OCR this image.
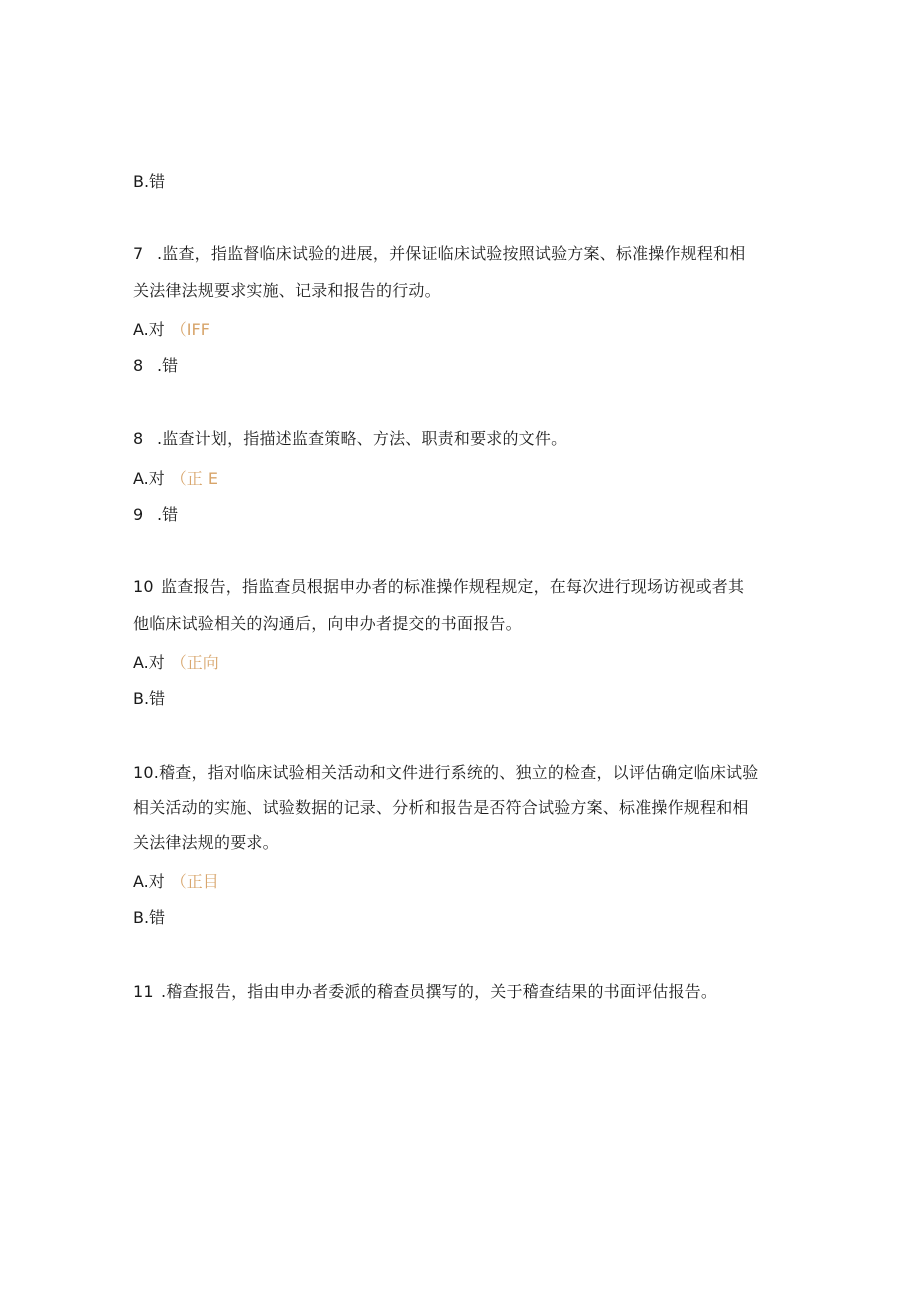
B.错
7 .监查，指监督临床试验的进展，并保证临床试验按照试验方案、标准操作规程和相
关法律法规要求实施、记录和报告的行动。
A.对 （IFF
8 .错
8 .监查计划，指描述监查策略、方法、职责和要求的文件。
A.对 （正 E
9 .错
10 监查报告，指监查员根据申办者的标准操作规程规定，在每次进行现场访视或者其
他临床试验相关的沟通后，向申办者提交的书面报告。
A.对 （正向
B.错
10.稽查，指对临床试验相关活动和文件进行系统的、独立的检查，以评估确定临床试验
相关活动的实施、试验数据的记录、分析和报告是否符合试验方案、标准操作规程和相
关法律法规的要求。
A.对 （正目
B.错
11 .稽查报告，指由申办者委派的稽查员撰写的，关于稽查结果的书面评估报告。
